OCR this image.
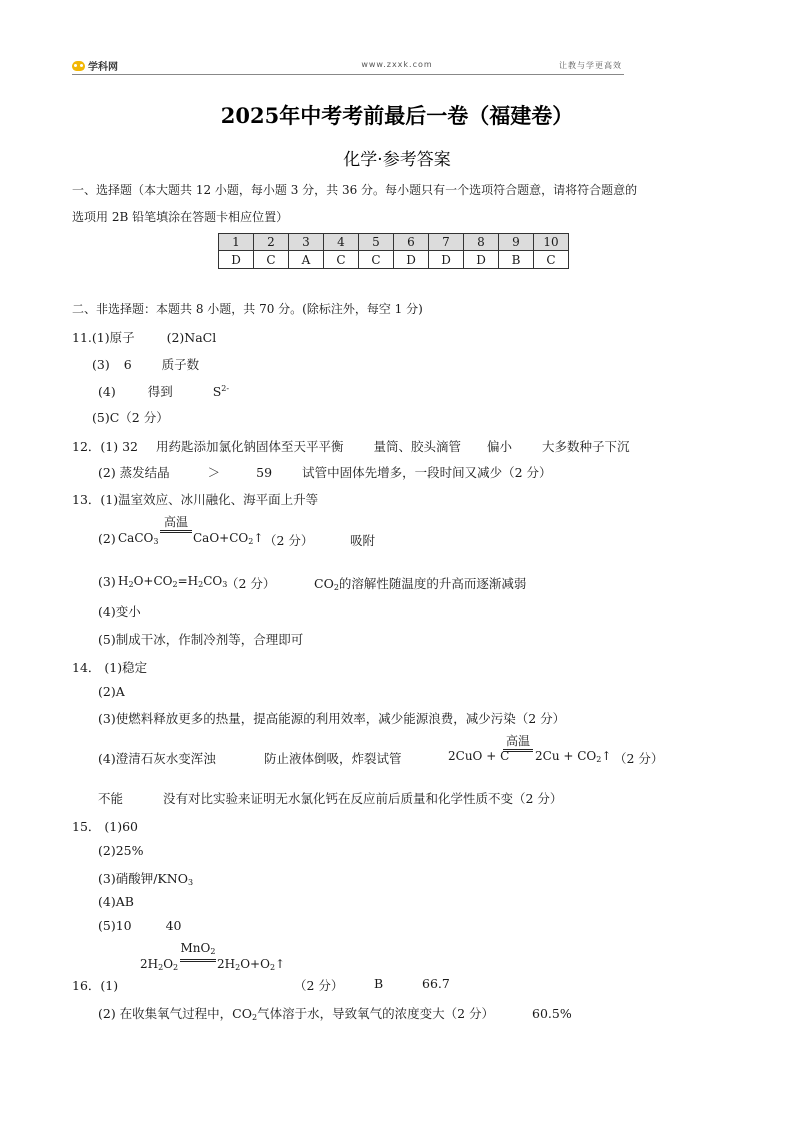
学科网	www.zxxk.com	让教与学更高效
2025年中考考前最后一卷（福建卷）
化学·参考答案
一、选择题（本大题共 12 小题，每小题 3 分，共 36 分。每小题只有一个选项符合题意，请将符合题意的
选项用 2B 铅笔填涂在答题卡相应位置）
1	2	3	4	5	6	7	8	9	10
D	C	A	C	C	D	D	D	B	C
二、非选择题：本题共 8 小题，共 70 分。(除标注外，每空 1 分)
11.(1)原子	(2)NaCl
(3) 6 质子数
(4)	得到	$S^{2-}$
(5)C（2 分）
12．(1) 32 用药匙添加氯化钠固体至天平平衡 量筒、胶头滴管 偏小 大多数种子下沉
(2) 蒸发结晶	＞	59 试管中固体先增多，一段时间又减少（2 分）
13．(1)温室效应、冰川融化、海平面上升等
(2) CaCO$_3$
高温
$CaO+CO_2↑$ （2 分）	吸附
(3) $H_2O+CO_2=H_2CO_3$
（2 分）	$CO_2$的溶解性随温度的升高而逐渐减弱
(4)变小
(5)制成干冰，作制冷剂等，合理即可
14． (1)稳定
(2)A
(3)使燃料释放更多的热量，提高能源的利用效率，减少能源浪费，减少污染（2 分）
(4)澄清石灰水变浑浊	防止液体倒吸，炸裂试管	2CuO + C
高温
$2Cu + CO_2↑$ （2 分）
不能	没有对比实验来证明无水氯化钙在反应前后质量和化学性质不变（2 分）
15． (1)60
(2)25%
(3)硝酸钾$/KNO_3$
(4)AB
(5)10	40
$2H_2O_2$
MnO$_2$
$2H_2O+O_2↑$
16．(1)	（2 分） B	66.7
(2) 在收集氧气过程中，$CO_2$气体溶于水，导致氧气的浓度变大（2 分）	60.5%
